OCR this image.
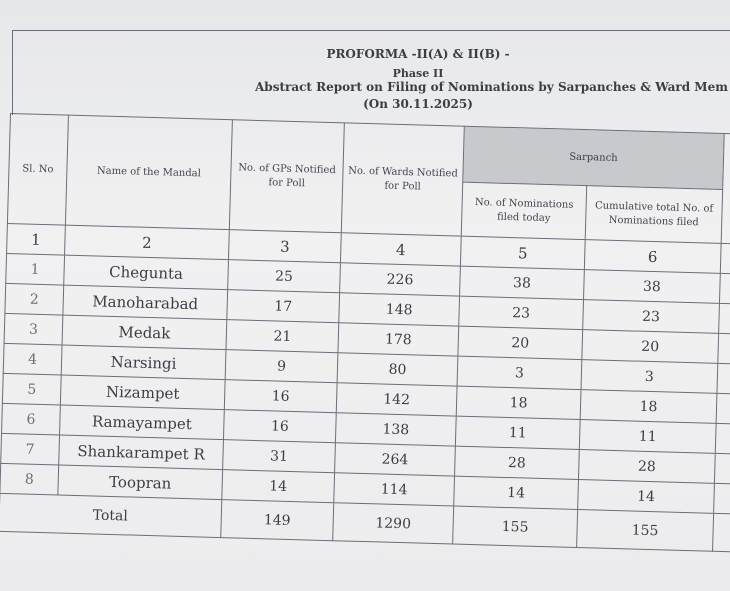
PROFORMA -II(A) & II(B) -
Phase II
Abstract Report on Filing of Nominations by Sarpanches & Ward Mem
(On 30.11.2025)
Sl. No	Name of the Mandal	No. of GPs Notified for Poll	No. of Wards Notified for Poll	Sarpanch		
				No. of Nominations filed today	Cumulative total No. of Nominations filed	
1	2	3	4	5	6	
1	Chegunta	25	226	38	38	
2	Manoharabad	17	148	23	23	
3	Medak	21	178	20	20	
4	Narsingi	9	80	3	3	
5	Nizampet	16	142	18	18	
6	Ramayampet	16	138	11	11	
7	Shankarampet R	31	264	28	28	
8	Toopran	14	114	14	14	
Total		149	1290	155	155	
